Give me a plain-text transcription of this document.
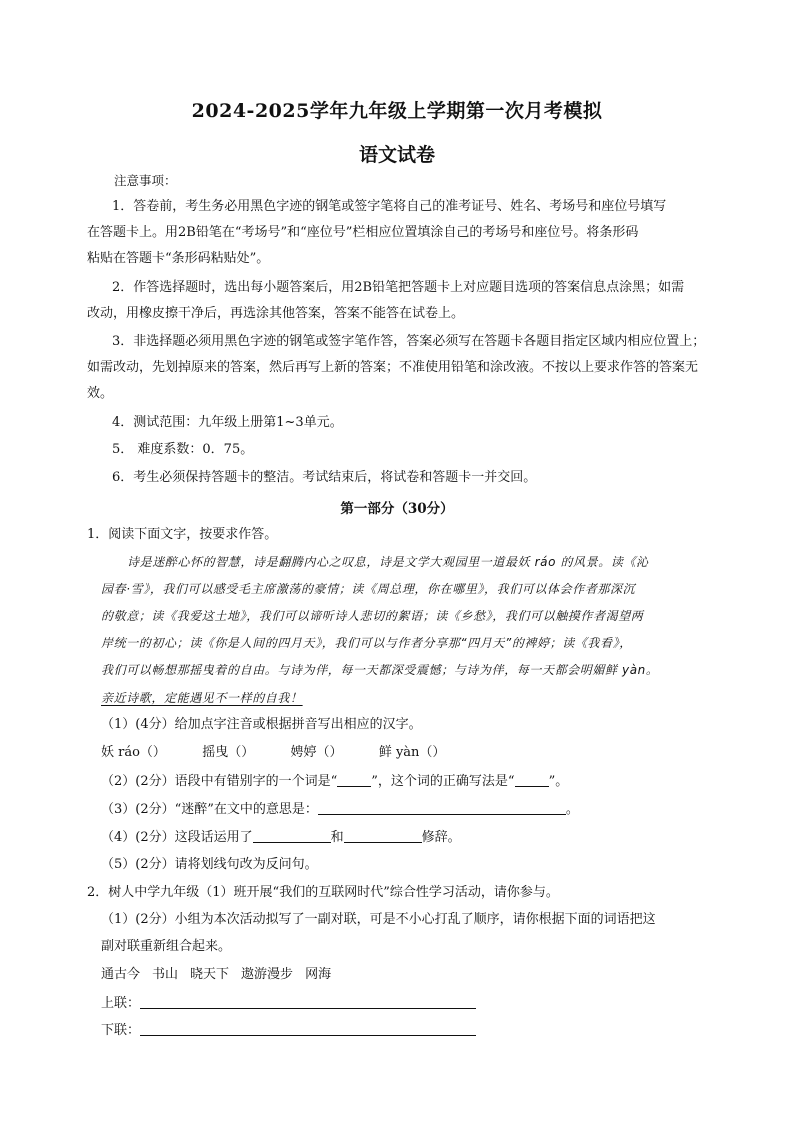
2024-2025学年九年级上学期第一次月考模拟
语文试卷
注意事项：
1．答卷前，考生务必用黑色字迹的钢笔或签字笔将自己的准考证号、姓名、考场号和座位号填写
在答题卡上。用2B铅笔在“考场号”和“座位号”栏相应位置填涂自己的考场号和座位号。将条形码
粘贴在答题卡“条形码粘贴处”。
2．作答选择题时，选出每小题答案后，用2B铅笔把答题卡上对应题目选项的答案信息点涂黑；如需
改动，用橡皮擦干净后，再选涂其他答案，答案不能答在试卷上。
3．非选择题必须用黑色字迹的钢笔或签字笔作答，答案必须写在答题卡各题目指定区域内相应位置上；
如需改动，先划掉原来的答案，然后再写上新的答案；不准使用铅笔和涂改液。不按以上要求作答的答案无
效。
4．测试范围：九年级上册第1~3单元。
5． 难度系数：0．75。
6．考生必须保持答题卡的整洁。考试结束后，将试卷和答题卡一并交回。
第一部分（30分）
1．阅读下面文字，按要求作答。
诗是迷醉心怀的智慧，诗是翻腾内心之叹息，诗是文学大观园里一道最妖 ráo 的风景。读《沁
园春·雪》，我们可以感受毛主席激荡的豪情；读《周总理，你在哪里》，我们可以体会作者那深沉
的敬意；读《我爱这土地》，我们可以谛听诗人悲切的絮语；读《乡愁》，我们可以触摸作者渴望两
岸统一的初心；读《你是人间的四月天》，我们可以与作者分享那“四月天”的裨婷；读《我看》，
我们可以畅想那摇曳着的自由。与诗为伴，每一天都深受震憾；与诗为伴，每一天都会明媚鲜 yàn。
亲近诗歌，定能遇见不一样的自我！
（1）(4分）给加点字注音或根据拼音写出相应的汉字。
妖 ráo（）	摇曳（）	娉婷（）	鲜 yàn（）
（2）(2分）语段中有错别字的一个词是“	”，这个词的正确写法是“	”。
（3）(2分）“迷醉”在文中的意思是：	。
（4）(2分）这段话运用了	和	修辞。
（5）(2分）请将划线句改为反问句。
2．树人中学九年级（1）班开展“我们的互联网时代”综合性学习活动，请你参与。
（1）(2分）小组为本次活动拟写了一副对联，可是不小心打乱了顺序，请你根据下面的词语把这
副对联重新组合起来。
通古今 书山 晓天下 遨游漫步 网海
上联：
下联：
